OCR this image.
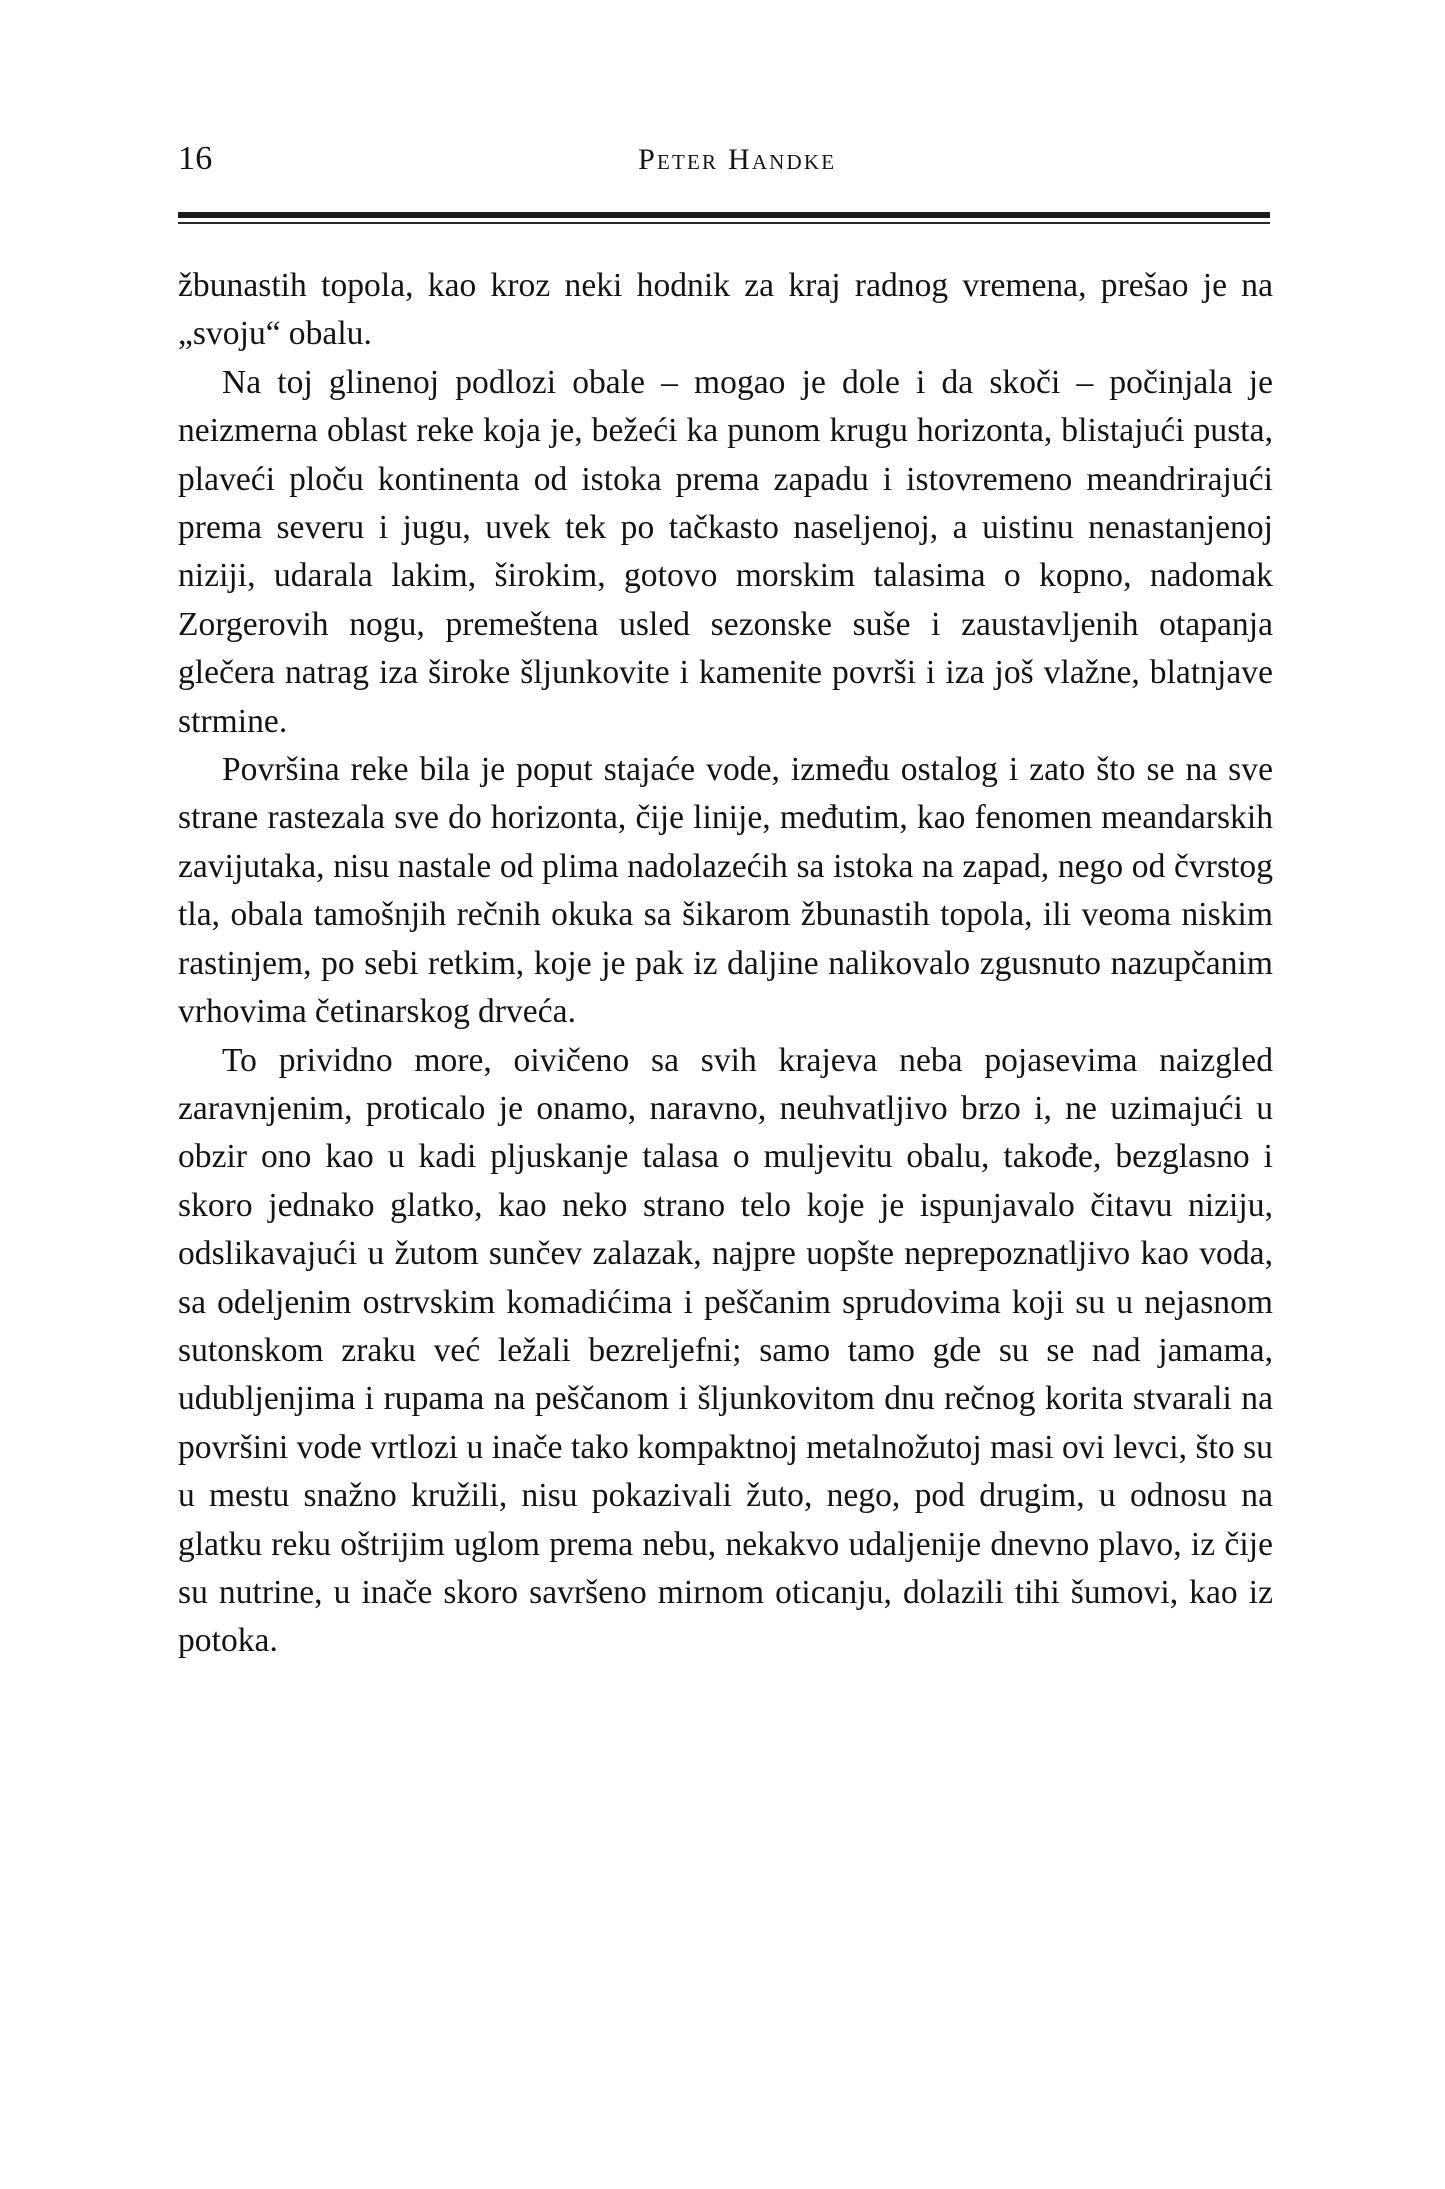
16	Peter Handke

žbunastih topola, kao kroz neki hodnik za kraj radnog vremena, prešao je na „svoju“ obalu.

Na toj glinenoj podlozi obale – mogao je dole i da skoči – počinjala je neizmerna oblast reke koja je, bežeći ka punom krugu horizonta, blistajući pusta, plaveći ploču kontinenta od istoka prema zapadu i istovremeno meandrirajući prema severu i jugu, uvek tek po tačkasto naseljenoj, a uistinu nenastanjenoj niziji, udarala lakim, širokim, gotovo morskim talasima o kopno, nadomak Zorgerovih nogu, premeštena usled sezonske suše i zaustavljenih otapanja glečera natrag iza široke šljunkovite i kamenite površi i iza još vlažne, blatnjave strmine.

Površina reke bila je poput stajaće vode, između ostalog i zato što se na sve strane rastezala sve do horizonta, čije linije, međutim, kao fenomen meandarskih zavijutaka, nisu nastale od plima nadolazećih sa istoka na zapad, nego od čvrstog tla, obala tamošnjih rečnih okuka sa šikarom žbunastih topola, ili veoma niskim rastinjem, po sebi retkim, koje je pak iz daljine nalikovalo zgusnuto nazupčanim vrhovima četinarskog drveća.

To prividno more, oivičeno sa svih krajeva neba pojasevima naizgled zaravnjenim, proticalo je onamo, naravno, neuhvatljivo brzo i, ne uzimajući u obzir ono kao u kadi pljuskanje talasa o muljevitu obalu, takođe, bezglasno i skoro jednako glatko, kao neko strano telo koje je ispunjavalo čitavu niziju, odslikavajući u žutom sunčev zalazak, najpre uopšte neprepoznatljivo kao voda, sa odeljenim ostrvskim komadićima i peščanim sprudovima koji su u nejasnom sutonskom zraku već ležali bezreljefni; samo tamo gde su se nad jamama, udubljenjima i rupama na peščanom i šljunkovitom dnu rečnog korita stvarali na površini vode vrtlozi u inače tako kompaktnoj metalnožutoj masi ovi levci, što su u mestu snažno kružili, nisu pokazivali žuto, nego, pod drugim, u odnosu na glatku reku oštrijim uglom prema nebu, nekakvo udaljenije dnevno plavo, iz čije su nutrine, u inače skoro savršeno mirnom oticanju, dolazili tihi šumovi, kao iz potoka.
